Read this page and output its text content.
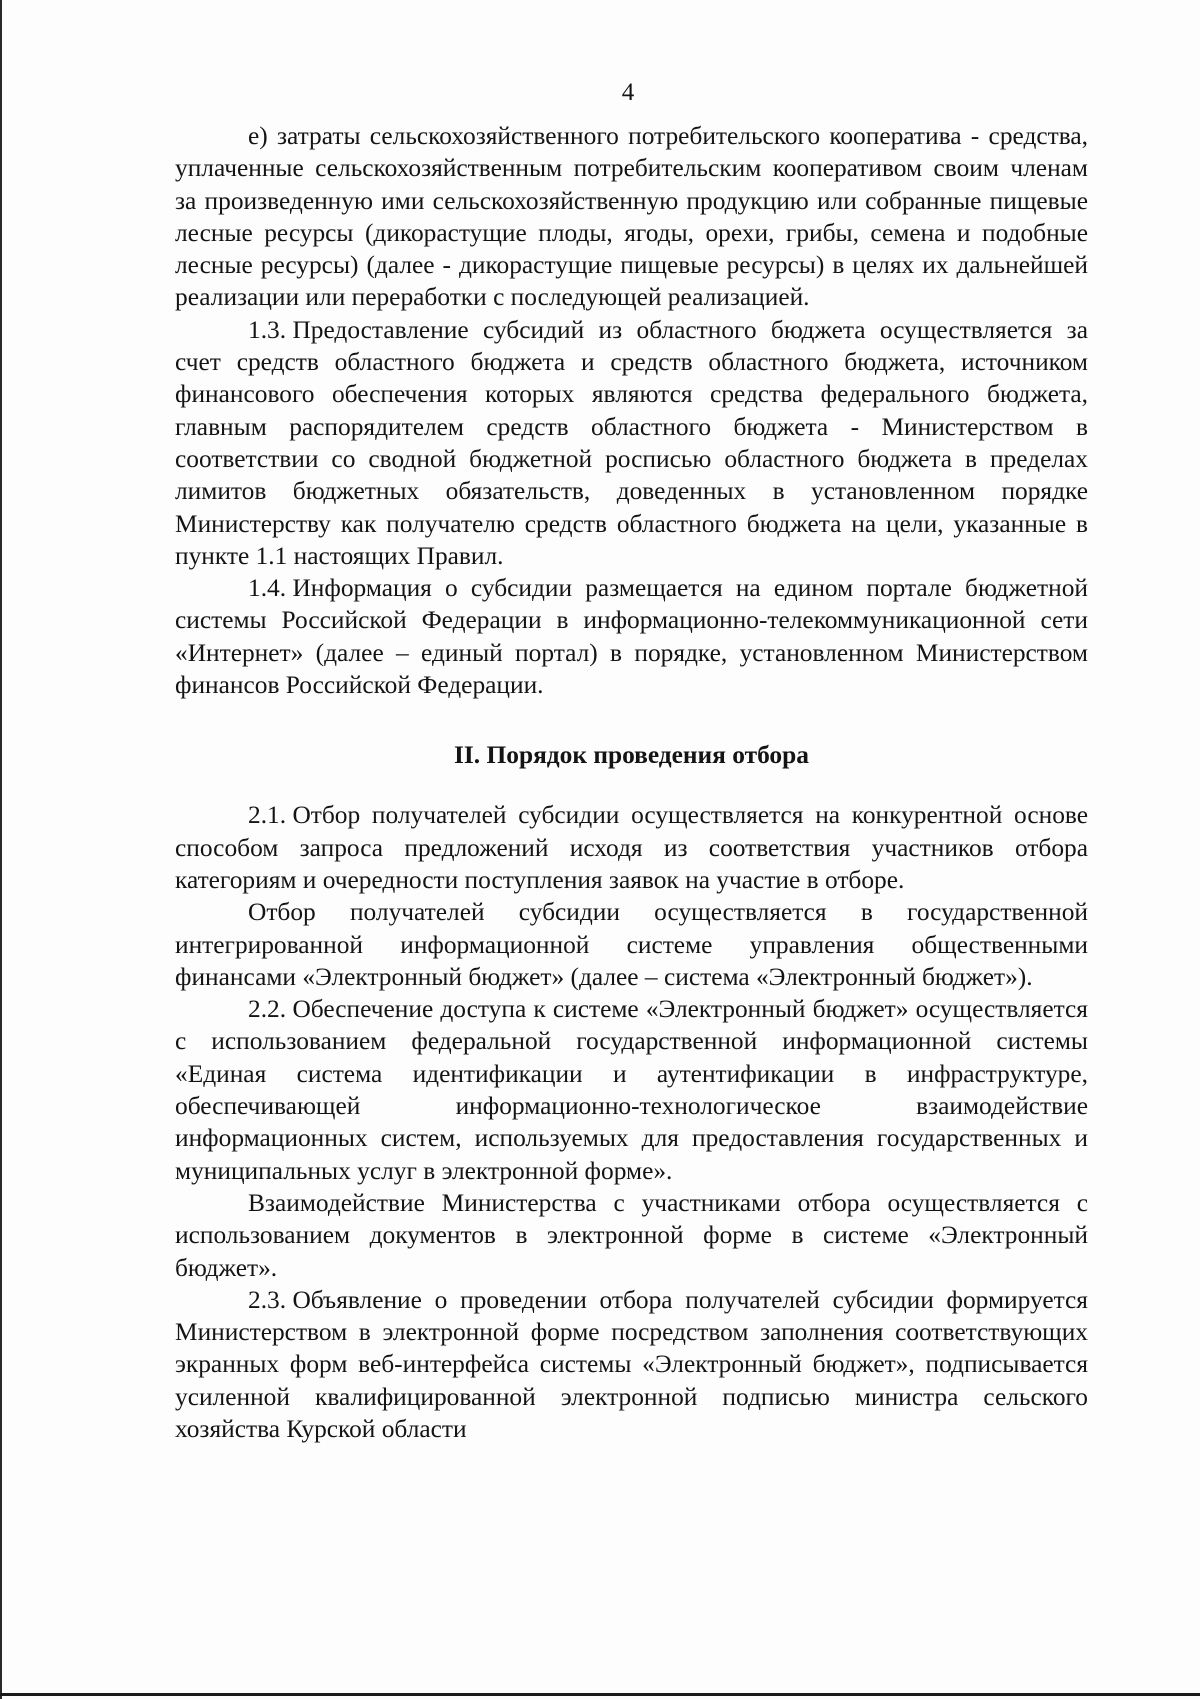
4

е) затраты сельскохозяйственного потребительского кооператива - средства, уплаченные сельскохозяйственным потребительским кооперативом своим членам за произведенную ими сельскохозяйственную продукцию или собранные пищевые лесные ресурсы (дикорастущие плоды, ягоды, орехи, грибы, семена и подобные лесные ресурсы) (далее - дикорастущие пищевые ресурсы) в целях их дальнейшей реализации или переработки с последующей реализацией.

1.3. Предоставление субсидий из областного бюджета осуществляется за счет средств областного бюджета и средств областного бюджета, источником финансового обеспечения которых являются средства федерального бюджета, главным распорядителем средств областного бюджета - Министерством в соответствии со сводной бюджетной росписью областного бюджета в пределах лимитов бюджетных обязательств, доведенных в установленном порядке Министерству как получателю средств областного бюджета на цели, указанные в пункте 1.1 настоящих Правил.

1.4. Информация о субсидии размещается на едином портале бюджетной системы Российской Федерации в информационно-телекоммуникационной сети «Интернет» (далее – единый портал) в порядке, установленном Министерством финансов Российской Федерации.

II. Порядок проведения отбора

2.1. Отбор получателей субсидии осуществляется на конкурентной основе способом запроса предложений исходя из соответствия участников отбора категориям и очередности поступления заявок на участие в отборе.

Отбор получателей субсидии осуществляется в государственной интегрированной информационной системе управления общественными финансами «Электронный бюджет» (далее – система «Электронный бюджет»).

2.2. Обеспечение доступа к системе «Электронный бюджет» осуществляется с использованием федеральной государственной информационной системы «Единая система идентификации и аутентификации в инфраструктуре, обеспечивающей информационно-технологическое взаимодействие информационных систем, используемых для предоставления государственных и муниципальных услуг в электронной форме».

Взаимодействие Министерства с участниками отбора осуществляется с использованием документов в электронной форме в системе «Электронный бюджет».

2.3. Объявление о проведении отбора получателей субсидии формируется Министерством в электронной форме посредством заполнения соответствующих экранных форм веб-интерфейса системы «Электронный бюджет», подписывается усиленной квалифицированной электронной подписью министра сельского хозяйства Курской области
